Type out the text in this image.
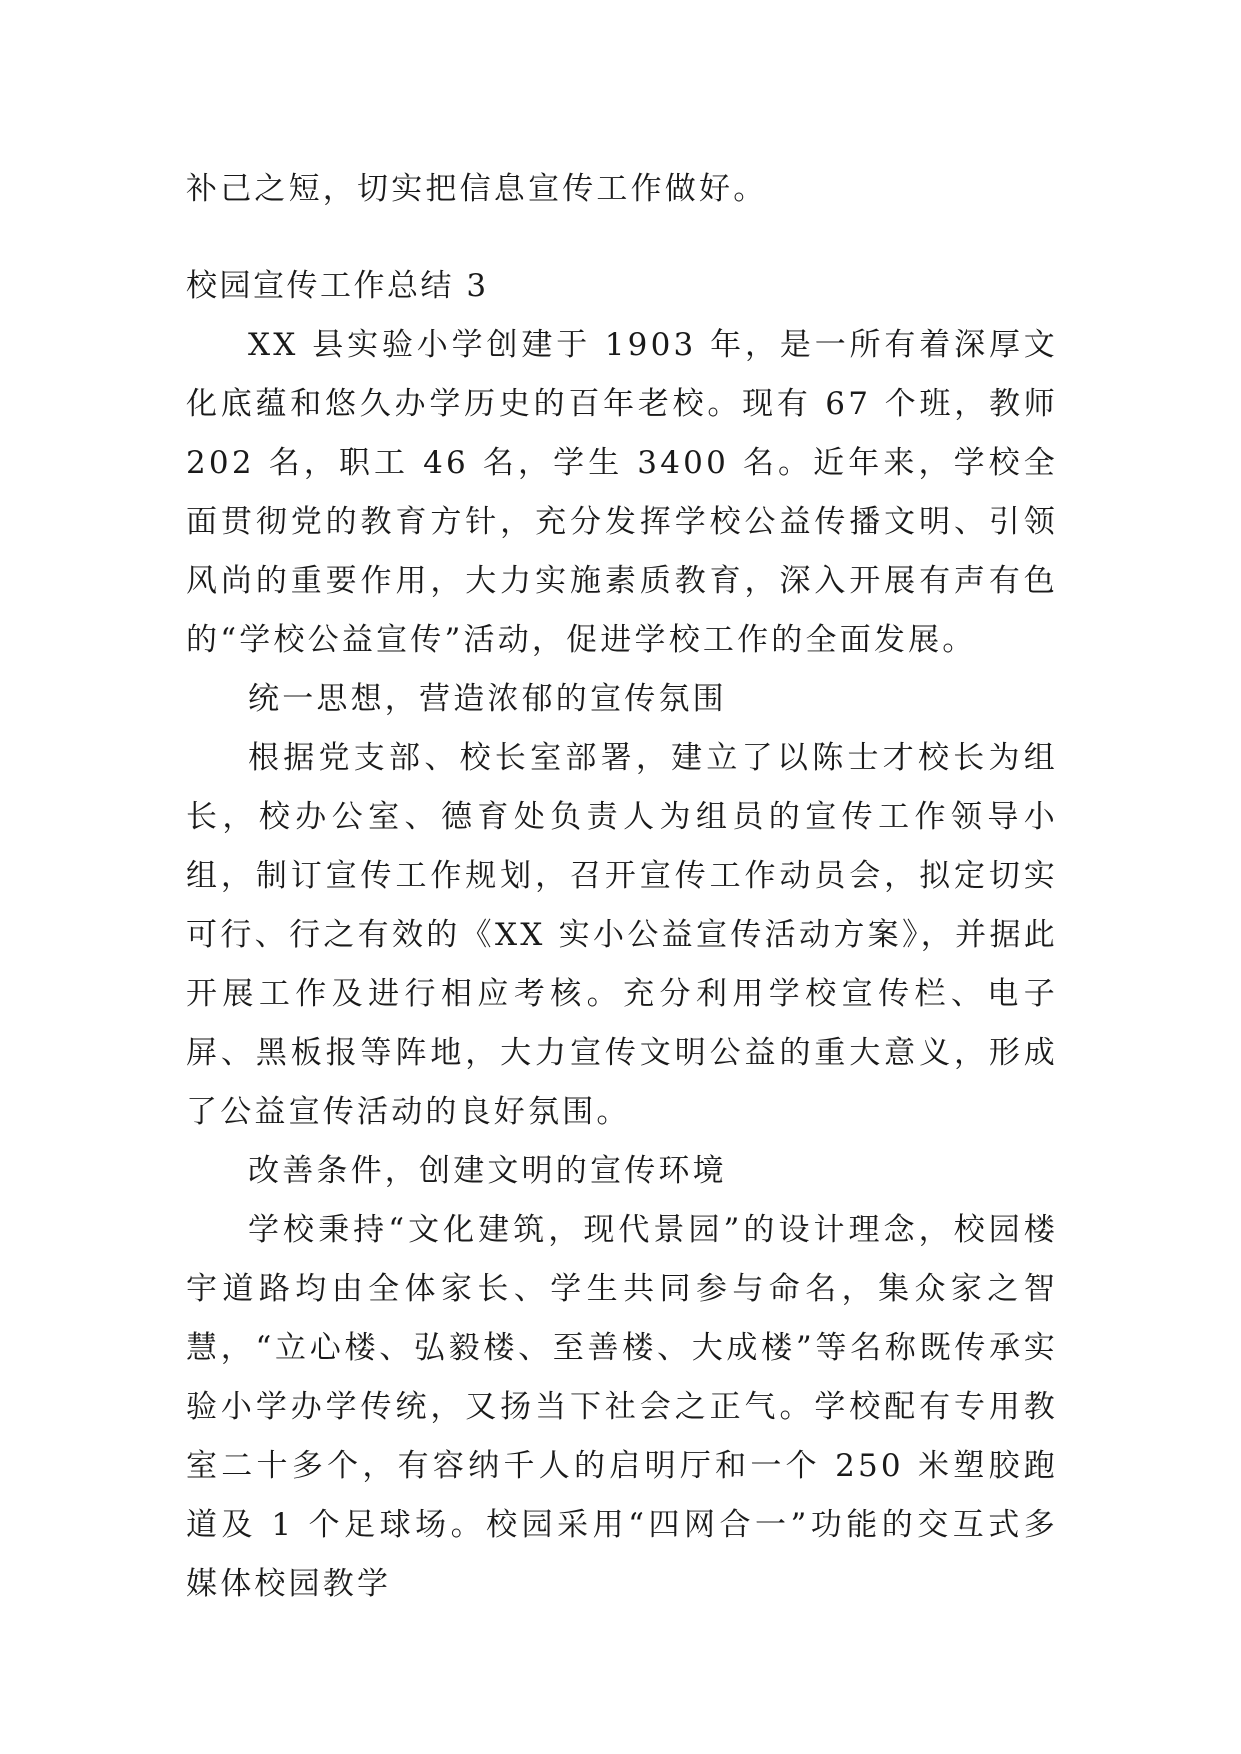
补己之短，切实把信息宣传工作做好。

校园宣传工作总结 3

XX 县实验小学创建于 1903 年，是一所有着深厚文化底蕴和悠久办学历史的百年老校。现有 67 个班，教师 202 名，职工 46 名，学生 3400 名。近年来，学校全面贯彻党的教育方针，充分发挥学校公益传播文明、引领风尚的重要作用，大力实施素质教育，深入开展有声有色的“学校公益宣传”活动，促进学校工作的全面发展。

统一思想，营造浓郁的宣传氛围

根据党支部、校长室部署，建立了以陈士才校长为组长，校办公室、德育处负责人为组员的宣传工作领导小组，制订宣传工作规划，召开宣传工作动员会，拟定切实可行、行之有效的《XX 实小公益宣传活动方案》，并据此开展工作及进行相应考核。充分利用学校宣传栏、电子屏、黑板报等阵地，大力宣传文明公益的重大意义，形成了公益宣传活动的良好氛围。

改善条件，创建文明的宣传环境

学校秉持“文化建筑，现代景园”的设计理念，校园楼宇道路均由全体家长、学生共同参与命名，集众家之智慧，“立心楼、弘毅楼、至善楼、大成楼”等名称既传承实验小学办学传统，又扬当下社会之正气。学校配有专用教室二十多个，有容纳千人的启明厅和一个 250 米塑胶跑道及 1 个足球场。校园采用“四网合一”功能的交互式多媒体校园教学
